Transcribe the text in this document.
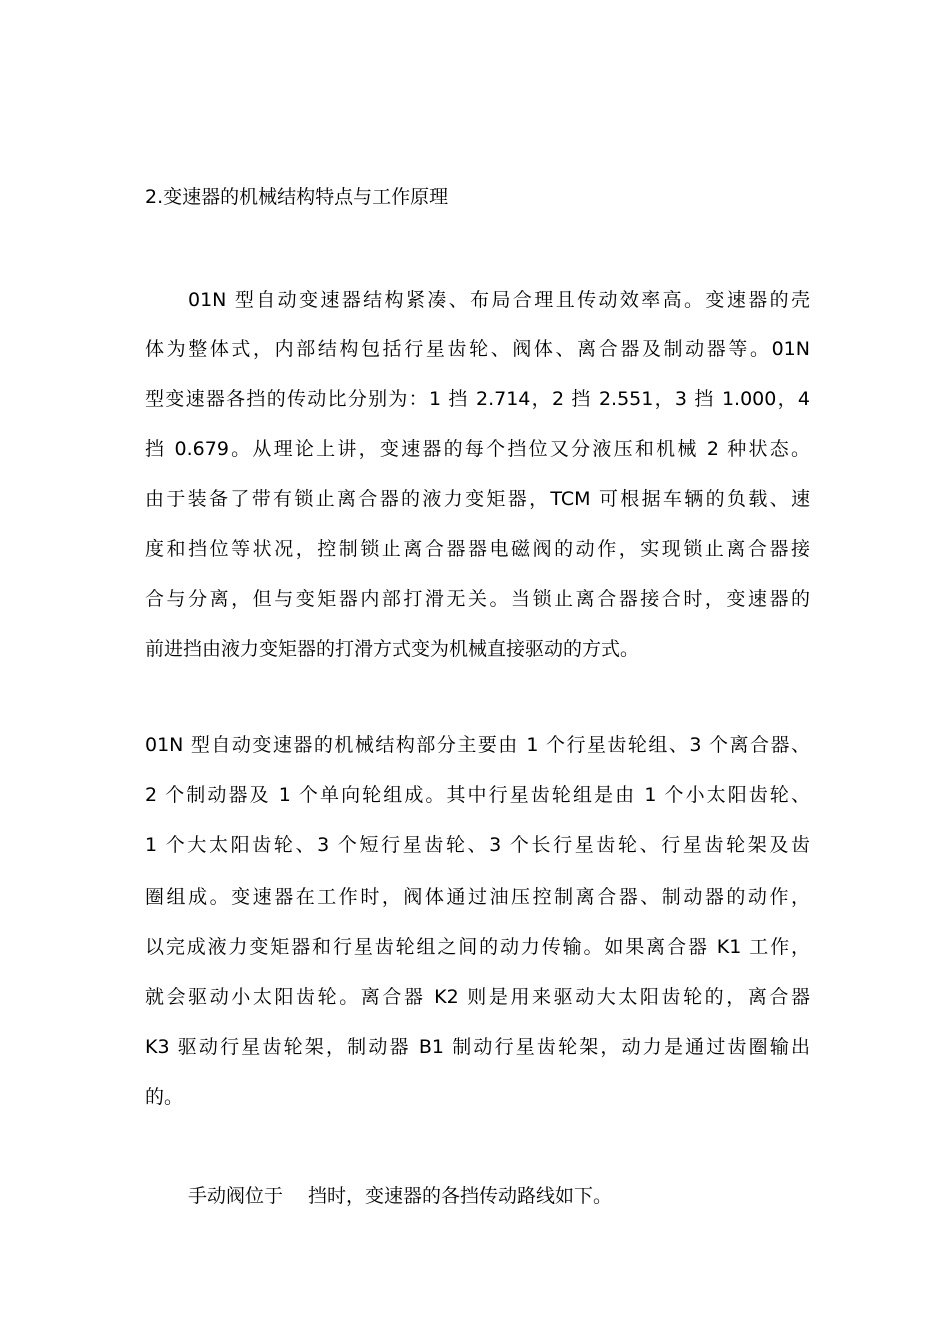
2.变速器的机械结构特点与工作原理
01N 型自动变速器结构紧凑、布局合理且传动效率高。变速器的壳
体为整体式，内部结构包括行星齿轮、阀体、离合器及制动器等。01N
型变速器各挡的传动比分别为：1 挡 2.714，2 挡 2.551，3 挡 1.000，4
挡 0.679。从理论上讲，变速器的每个挡位又分液压和机械 2 种状态。
由于装备了带有锁止离合器的液力变矩器，TCM 可根据车辆的负载、速
度和挡位等状况，控制锁止离合器器电磁阀的动作，实现锁止离合器接
合与分离，但与变矩器内部打滑无关。当锁止离合器接合时，变速器的
前进挡由液力变矩器的打滑方式变为机械直接驱动的方式。
01N 型自动变速器的机械结构部分主要由 1 个行星齿轮组、3 个离合器、
2 个制动器及 1 个单向轮组成。其中行星齿轮组是由 1 个小太阳齿轮、
1 个大太阳齿轮、3 个短行星齿轮、3 个长行星齿轮、行星齿轮架及齿
圈组成。变速器在工作时，阀体通过油压控制离合器、制动器的动作，
以完成液力变矩器和行星齿轮组之间的动力传输。如果离合器 K1 工作，
就会驱动小太阳齿轮。离合器 K2 则是用来驱动大太阳齿轮的，离合器
K3 驱动行星齿轮架，制动器 B1 制动行星齿轮架，动力是通过齿圈输出
的。
手动阀位于　 挡时，变速器的各挡传动路线如下。
